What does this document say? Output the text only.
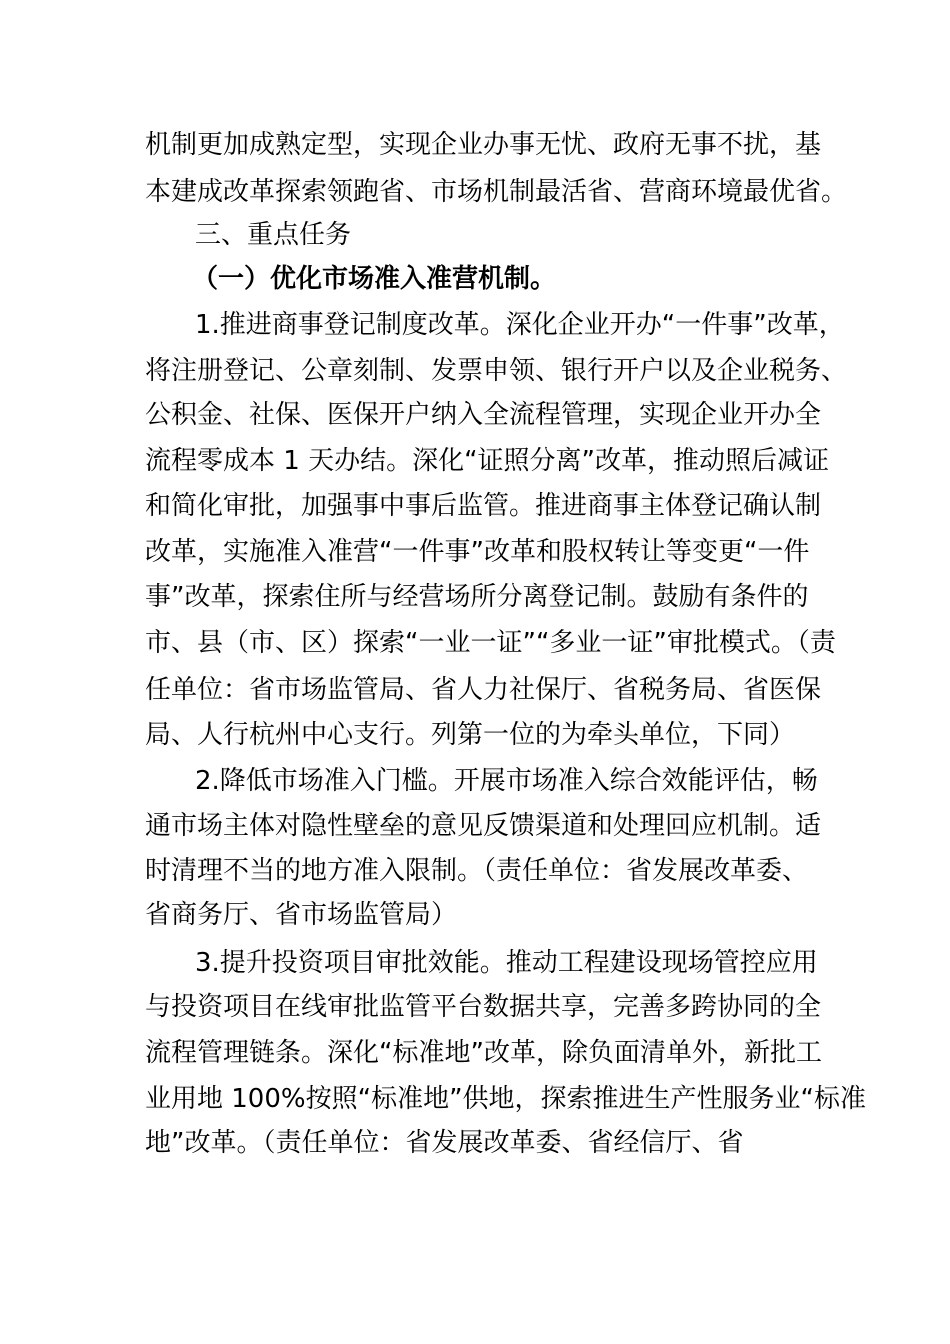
机制更加成熟定型，实现企业办事无忧、政府无事不扰，基
本建成改革探索领跑省、市场机制最活省、营商环境最优省。
三、重点任务
（一）优化市场准入准营机制。
1.推进商事登记制度改革。深化企业开办“一件事”改革，
将注册登记、公章刻制、发票申领、银行开户以及企业税务、
公积金、社保、医保开户纳入全流程管理，实现企业开办全
流程零成本 1 天办结。深化“证照分离”改革，推动照后减证
和简化审批，加强事中事后监管。推进商事主体登记确认制
改革，实施准入准营“一件事”改革和股权转让等变更“一件
事”改革，探索住所与经营场所分离登记制。鼓励有条件的
市、县（市、区）探索“一业一证”“多业一证”审批模式。（责
任单位：省市场监管局、省人力社保厅、省税务局、省医保
局、人行杭州中心支行。列第一位的为牵头单位，下同）
2.降低市场准入门槛。开展市场准入综合效能评估，畅
通市场主体对隐性壁垒的意见反馈渠道和处理回应机制。适
时清理不当的地方准入限制。（责任单位：省发展改革委、
省商务厅、省市场监管局）
3.提升投资项目审批效能。推动工程建设现场管控应用
与投资项目在线审批监管平台数据共享，完善多跨协同的全
流程管理链条。深化“标准地”改革，除负面清单外，新批工
业用地 100%按照“标准地”供地，探索推进生产性服务业“标准
地”改革。（责任单位：省发展改革委、省经信厅、省
